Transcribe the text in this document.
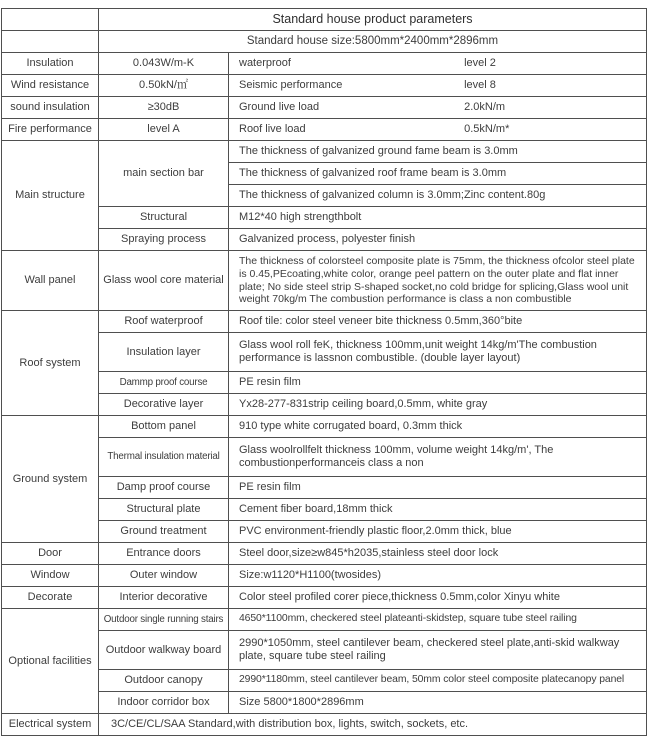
	Standard house product parameters	
	Standard house size:5800mm*2400mm*2896mm	
Insulation	0.043W/m-K	waterproof level 2

Wind resistance	0.50kN/㎡	Seismic performance level 8

sound insulation	≥30dB	Ground live load 2.0kN/m

Fire performance	level A	Roof live load 0.5kN/m*

Main structure	main section bar	The thickness of galvanized ground fame beam is 3.0mm
		The thickness of galvanized roof frame beam is 3.0mm
		The thickness of galvanized column is 3.0mm;Zinc content.80g
	Structural	M12*40 high strengthbolt
	Spraying process	Galvanized process, polyester finish
Wall panel	Glass wool core material	The thickness of colorsteel composite plate is 75mm, the thickness ofcolor steel plate is 0.45,PEcoating,white color, orange peel pattern on the outer plate and flat inner plate; No side steel strip S-shaped socket,no cold bridge for splicing,Glass wool unit weight 70kg/m The combustion performance is class a non combustible
Roof system	Roof waterproof	Roof tile: color steel veneer bite thickness 0.5mm,360°bite
	Insulation layer	Glass wool roll feK, thickness 100mm,unit weight 14kg/m'The combustion performance is lassnon combustible. (double layer layout)
	Dammp proof course	PE resin film
	Decorative layer	Yx28-277-831strip ceiling board,0.5mm, white gray
Ground system	Bottom panel	910 type white corrugated board, 0.3mm thick
	Thermal insulation material	Glass woolrollfelt thickness 100mm, volume weight 14kg/m', The combustionperformanceis class a non
	Damp proof course	PE resin film
	Structural plate	Cement fiber board,18mm thick
	Ground treatment	PVC environment-friendly plastic floor,2.0mm thick, blue
Door	Entrance doors	Steel door,size≥w845*h2035,stainless steel door lock
Window	Outer window	Size:w1120*H1100(twosides)
Decorate	Interior decorative	Color steel profiled corer piece,thickness 0.5mm,color Xinyu white
Optional facilities	Outdoor single running stairs	4650*1100mm, checkered steel plateanti-skidstep, square tube steel railing
	Outdoor walkway board	2990*1050mm, steel cantilever beam, checkered steel plate,anti-skid walkway plate, square tube steel railing
	Outdoor canopy	2990*1180mm, steel cantilever beam, 50mm color steel composite platecanopy panel
	Indoor corridor box	Size 5800*1800*2896mm
Electrical system	3C/CE/CL/SAA Standard,with distribution box, lights, switch, sockets, etc.	
